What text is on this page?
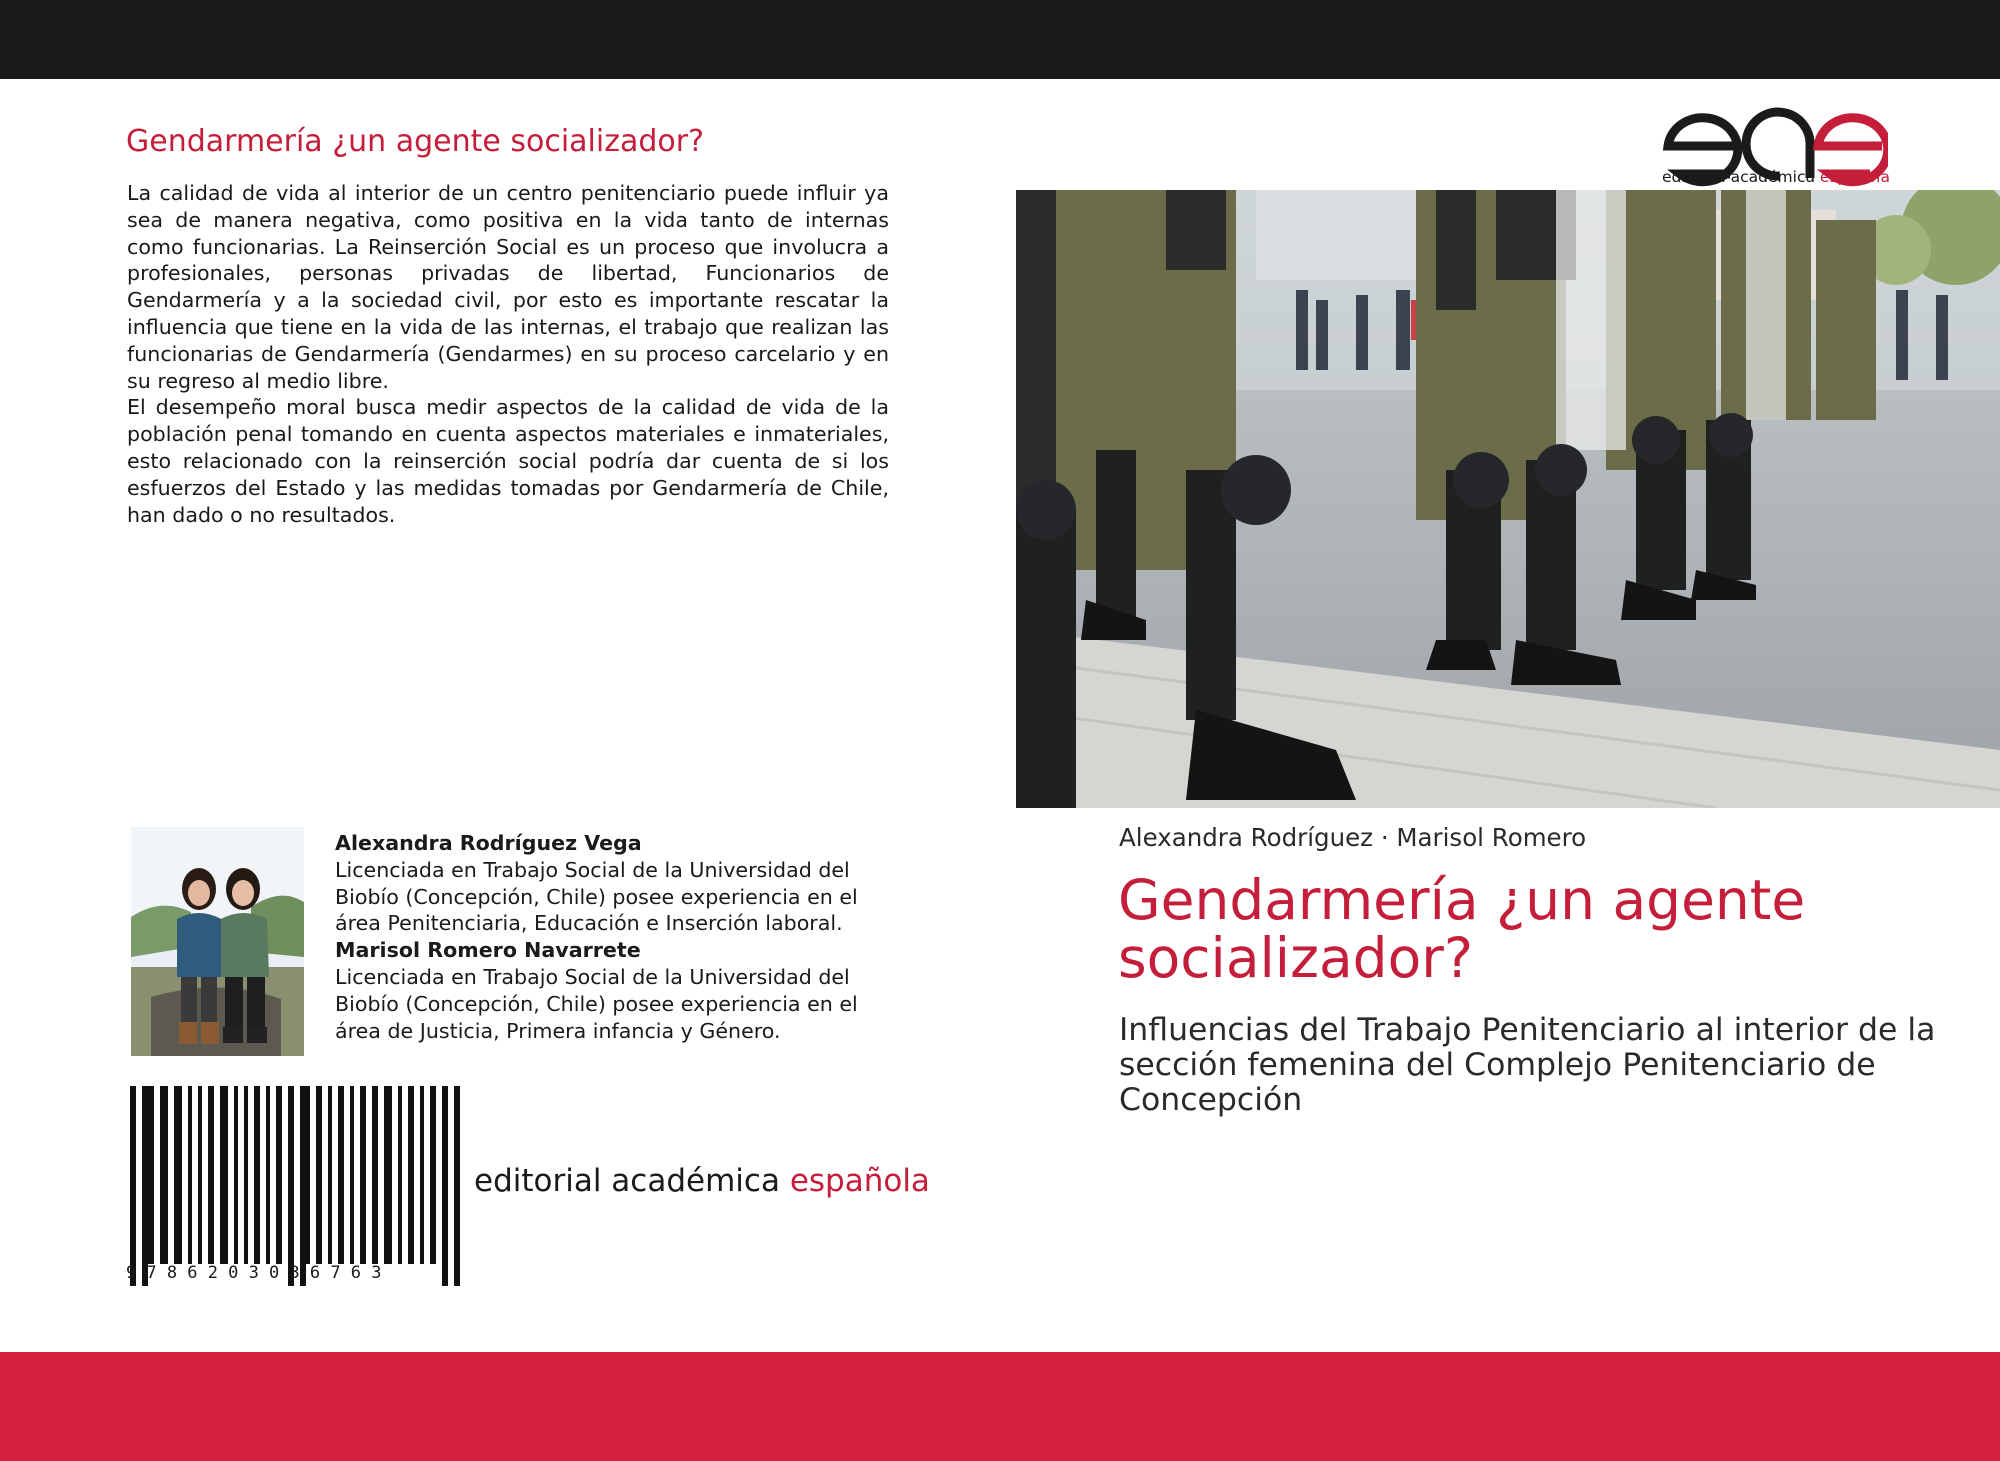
Gendarmería ¿un agente socializador?

La calidad de vida al interior de un centro penitenciario puede influir ya sea de manera negativa, como positiva en la vida tanto de internas como funcionarias. La Reinserción Social es un proceso que involucra a profesionales, personas privadas de libertad, Funcionarios de Gendarmería y a la sociedad civil, por esto es importante rescatar la influencia que tiene en la vida de las internas, el trabajo que realizan las funcionarias de Gendarmería (Gendarmes) en su proceso carcelario y en su regreso al medio libre.

El desempeño moral busca medir aspectos de la calidad de vida de la población penal tomando en cuenta aspectos materiales e inmateriales, esto relacionado con la reinserción social podría dar cuenta de si los esfuerzos del Estado y las medidas tomadas por Gendarmería de Chile, han dado o no resultados.

Alexandra Rodríguez Vega

Licenciada en Trabajo Social de la Universidad del Biobío (Concepción, Chile) posee experiencia en el área Penitenciaria, Educación e Inserción laboral.

Marisol Romero Navarrete

Licenciada en Trabajo Social de la Universidad del Biobío (Concepción, Chile) posee experiencia en el área de Justicia, Primera infancia y Género.

9786203036763
editorial académica española
editorial académica española
Alexandra Rodríguez · Marisol Romero
Gendarmería ¿un agente socializador?

Influencias del Trabajo Penitenciario al interior de la sección femenina del Complejo Penitenciario de Concepción
